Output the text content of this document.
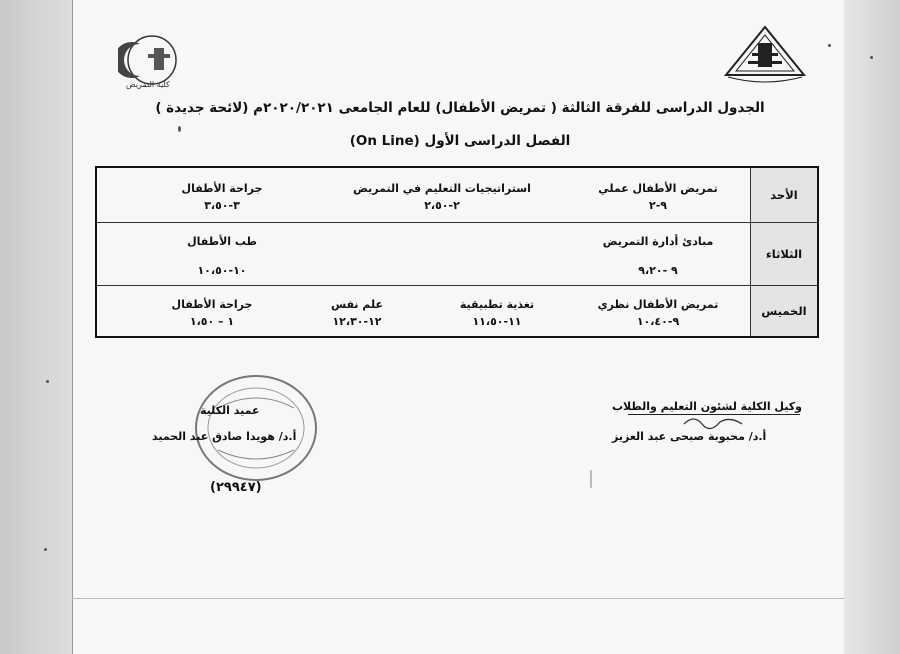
كلية التمريض
الجدول الدراسى للفرقة الثالثة ( تمريض الأطفال) للعام الجامعى ٢٠٢٠/٢٠٢١م (لائحة جديدة )
الفصل الدراسى الأول (On Line)
الأحد
تمريض الأطفال عملي
٩-٢
استراتيجيات التعليم في التمريض
٢-٢،٥٠
جراحة الأطفال
٣-٣،٥٠
الثلاثاء
مبادئ أدارة التمريض
٩ -٩،٢٠
طب الأطفال
١٠-١٠،٥٠
الخميس
تمريض الأطفال نظري
٩-١٠،٤٠
تغذية تطبيقية
١١-١١،٥٠
علم نفس
١٢-١٢،٣٠
جراحة الأطفال
١ – ١،٥٠
(٢٩٩٤٧)
عميد الكلية
أ.د/ هويدا صادق عبد الحميد
وكيل الكلية لشئون التعليم والطلاب
أ.د/ محبوبة صبحى عبد العزيز
